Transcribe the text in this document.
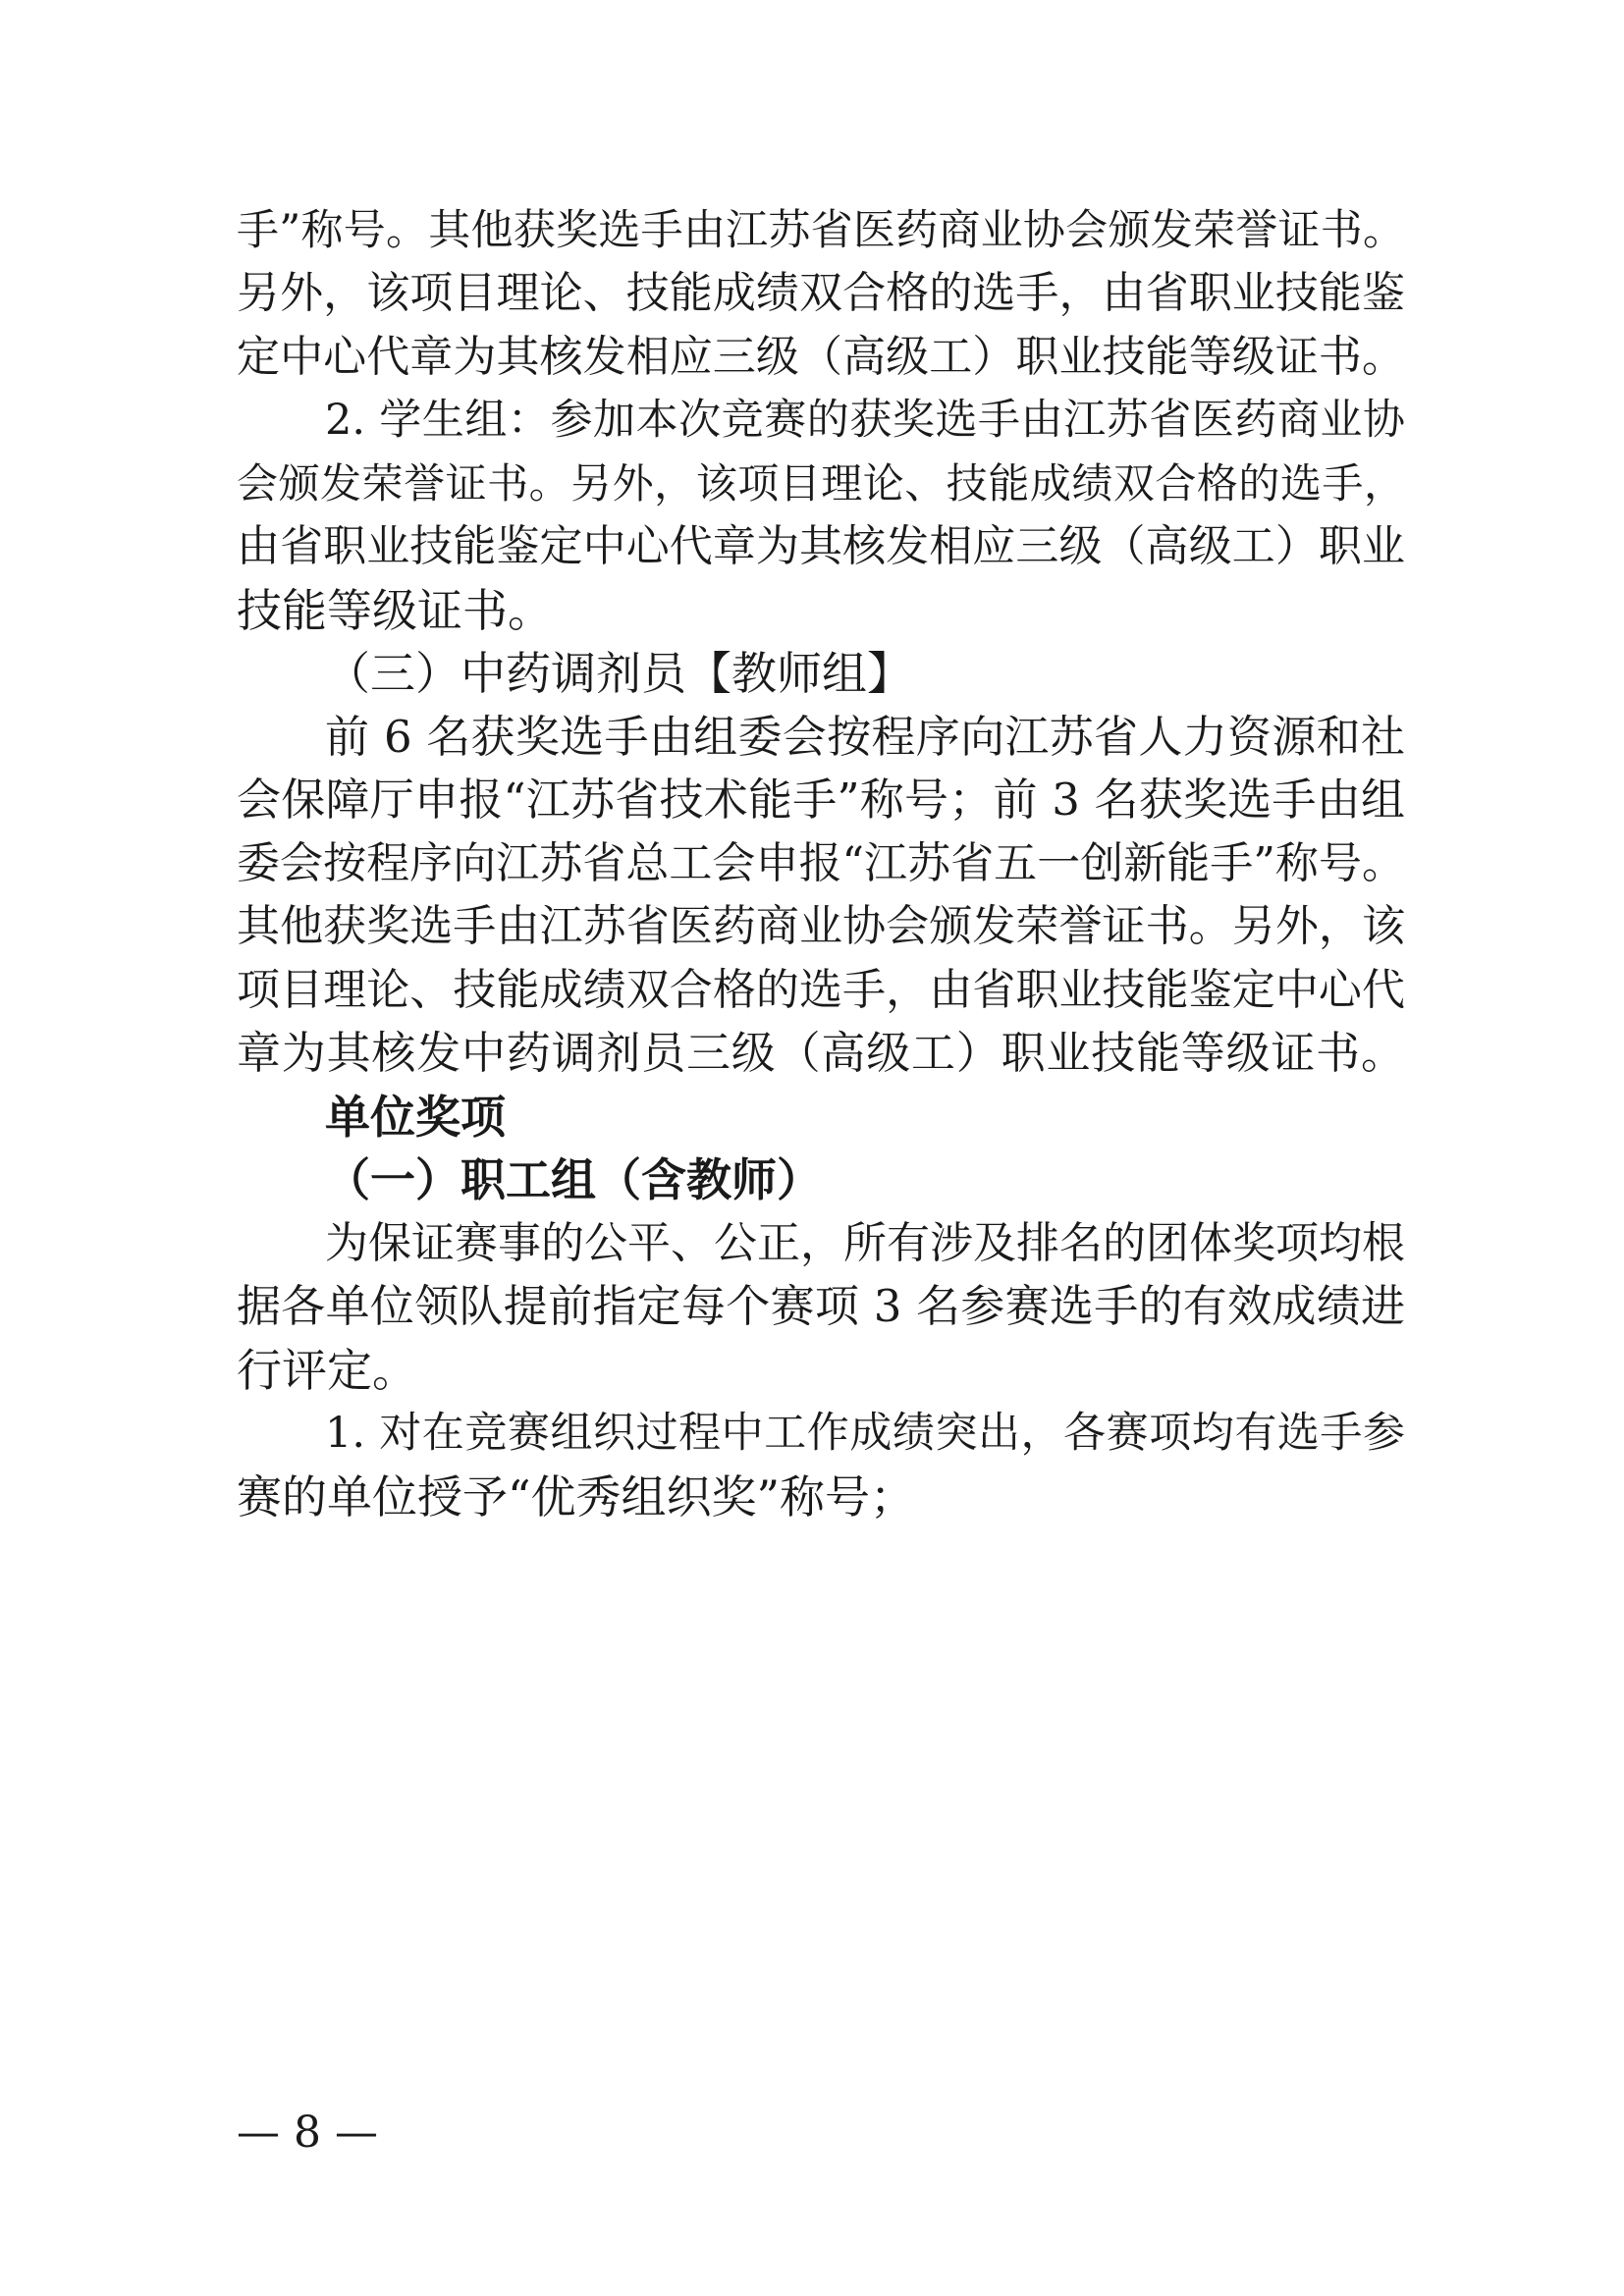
手”称号。其他获奖选手由江苏省医药商业协会颁发荣誉证书。
另外，该项目理论、技能成绩双合格的选手，由省职业技能鉴
定中心代章为其核发相应三级（高级工）职业技能等级证书。
2. 学生组：参加本次竞赛的获奖选手由江苏省医药商业协
会颁发荣誉证书。另外，该项目理论、技能成绩双合格的选手，
由省职业技能鉴定中心代章为其核发相应三级（高级工）职业
技能等级证书。
（三）中药调剂员【教师组】
前 6 名获奖选手由组委会按程序向江苏省人力资源和社
会保障厅申报“江苏省技术能手”称号；前 3 名获奖选手由组
委会按程序向江苏省总工会申报“江苏省五一创新能手”称号。
其他获奖选手由江苏省医药商业协会颁发荣誉证书。另外，该
项目理论、技能成绩双合格的选手，由省职业技能鉴定中心代
章为其核发中药调剂员三级（高级工）职业技能等级证书。
单位奖项
（一）职工组（含教师）
为保证赛事的公平、公正，所有涉及排名的团体奖项均根
据各单位领队提前指定每个赛项 3 名参赛选手的有效成绩进
行评定。
1. 对在竞赛组织过程中工作成绩突出，各赛项均有选手参
赛的单位授予“优秀组织奖”称号；
— 8 —
